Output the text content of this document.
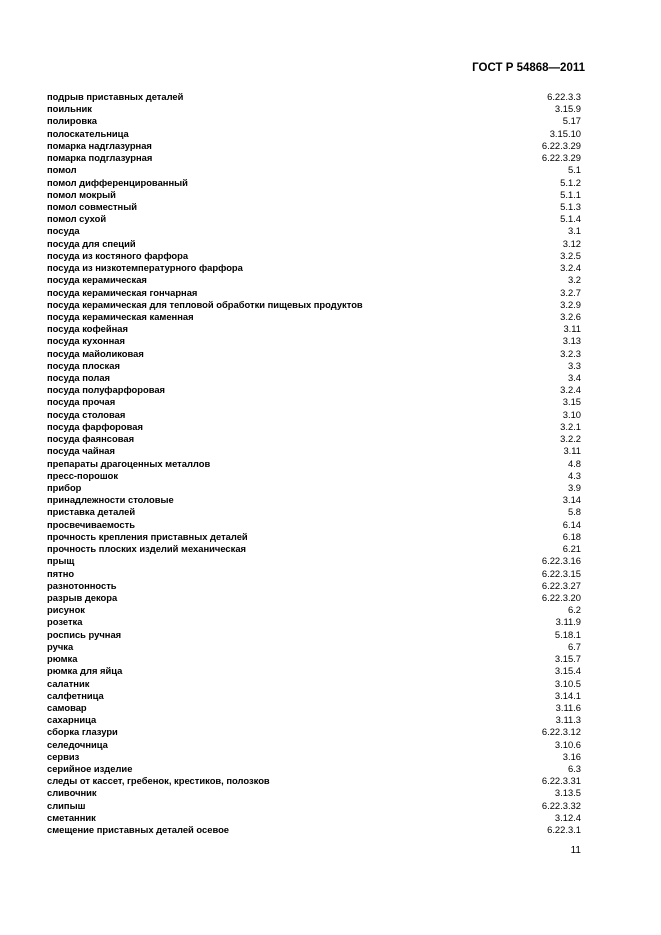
ГОСТ Р 54868—2011
подрыв приставных деталей	6.22.3.3
поильник	3.15.9
полировка	5.17
полоскательница	3.15.10
помарка надглазурная	6.22.3.29
помарка подглазурная	6.22.3.29
помол	5.1
помол дифференцированный	5.1.2
помол мокрый	5.1.1
помол совместный	5.1.3
помол сухой	5.1.4
посуда	3.1
посуда для специй	3.12
посуда из костяного фарфора	3.2.5
посуда из низкотемпературного фарфора	3.2.4
посуда керамическая	3.2
посуда керамическая гончарная	3.2.7
посуда керамическая для тепловой обработки пищевых продуктов	3.2.9
посуда керамическая каменная	3.2.6
посуда кофейная	3.11
посуда кухонная	3.13
посуда майоликовая	3.2.3
посуда плоская	3.3
посуда полая	3.4
посуда полуфарфоровая	3.2.4
посуда прочая	3.15
посуда столовая	3.10
посуда фарфоровая	3.2.1
посуда фаянсовая	3.2.2
посуда чайная	3.11
препараты драгоценных металлов	4.8
пресс-порошок	4.3
прибор	3.9
принадлежности столовые	3.14
приставка деталей	5.8
просвечиваемость	6.14
прочность крепления приставных деталей	6.18
прочность плоских изделий механическая	6.21
прыщ	6.22.3.16
пятно	6.22.3.15
разнотонность	6.22.3.27
разрыв декора	6.22.3.20
рисунок	6.2
розетка	3.11.9
роспись ручная	5.18.1
ручка	6.7
рюмка	3.15.7
рюмка для яйца	3.15.4
салатник	3.10.5
салфетница	3.14.1
самовар	3.11.6
сахарница	3.11.3
сборка глазури	6.22.3.12
селедочница	3.10.6
сервиз	3.16
серийное изделие	6.3
следы от кассет, гребенок, крестиков, полозков	6.22.3.31
сливочник	3.13.5
слипыш	6.22.3.32
сметанник	3.12.4
смещение приставных деталей осевое	6.22.3.1
11
